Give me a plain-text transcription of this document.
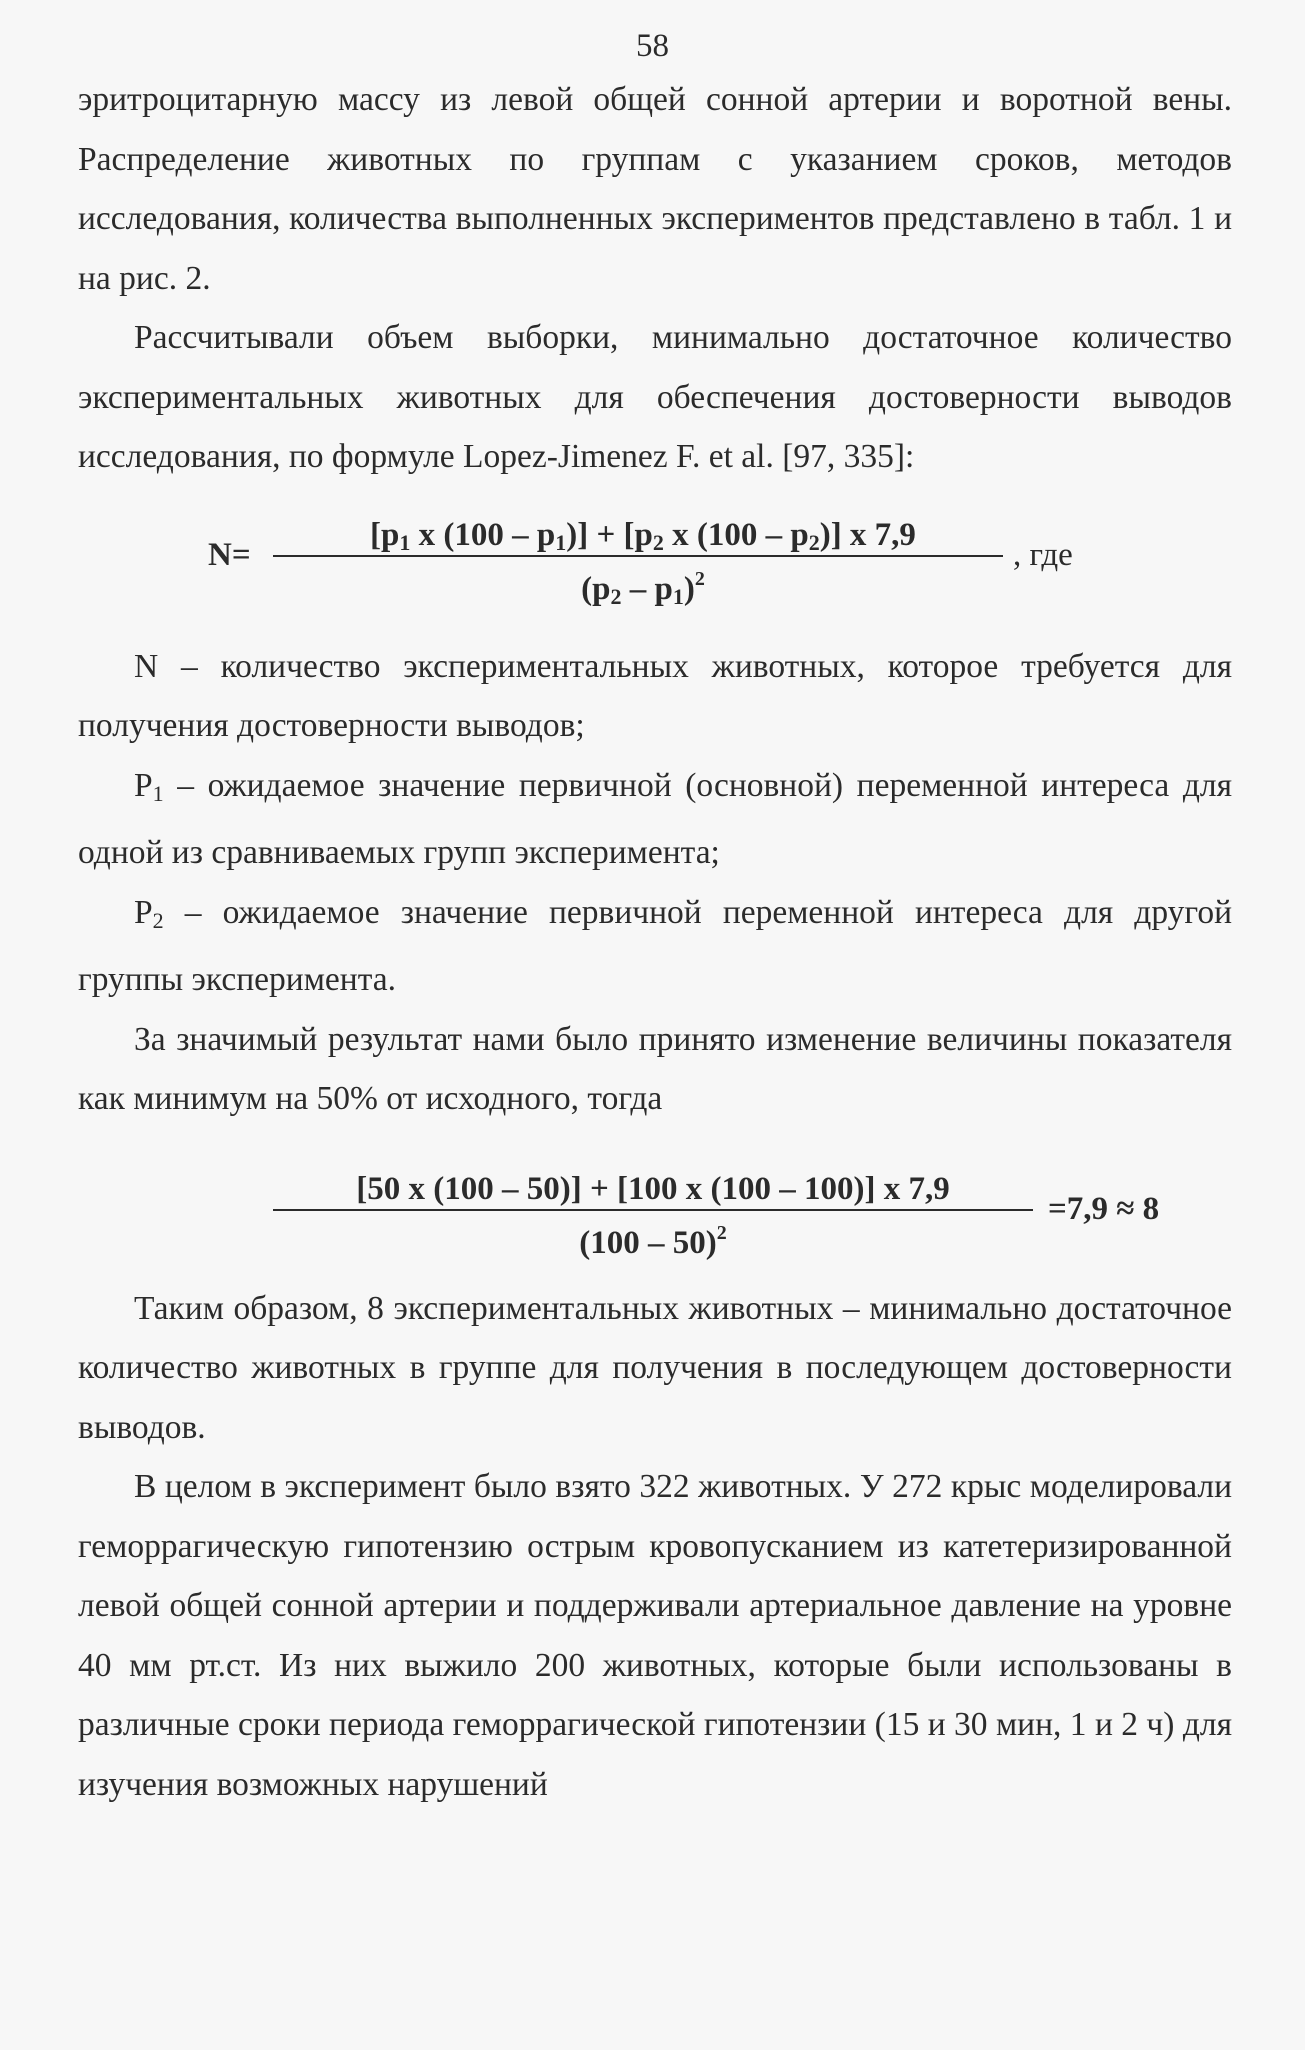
58

эритроцитарную массу из левой общей сонной артерии и воротной вены. Распределение животных по группам с указанием сроков, методов исследования, количества выполненных экспериментов представлено в табл. 1 и на рис. 2.

Рассчитывали объем выборки, минимально достаточное количество экспериментальных животных для обеспечения достоверности выводов исследования, по формуле Lopez-Jimenez F. et al. [97, 335]:

N=
[$p_1$ x $(100 - p_1)] + [p_2$ x $(100 - p_2)$] x 7,9
$(p_2 - p_1)^2$
, где

N – количество экспериментальных животных, которое требуется для получения достоверности выводов;

$P_1$ – ожидаемое значение первичной (основной) переменной интереса для одной из сравниваемых групп эксперимента;

$P_2$ – ожидаемое значение первичной переменной интереса для другой группы эксперимента.

За значимый результат нами было принято изменение величины показателя как минимум на 50% от исходного, тогда

[50 x (100 – 50)] + [100 x (100 – 100)] x 7,9
(100 – 50)$^2$
=7,9 ≈ 8

Таким образом, 8 экспериментальных животных – минимально достаточное количество животных в группе для получения в последующем достоверности выводов.

В целом в эксперимент было взято 322 животных. У 272 крыс моделировали геморрагическую гипотензию острым кровопусканием из катетеризированной левой общей сонной артерии и поддерживали артериальное давление на уровне 40 мм рт.ст. Из них выжило 200 животных, которые были использованы в различные сроки периода геморрагической гипотензии (15 и 30 мин, 1 и 2 ч) для изучения возможных нарушений
